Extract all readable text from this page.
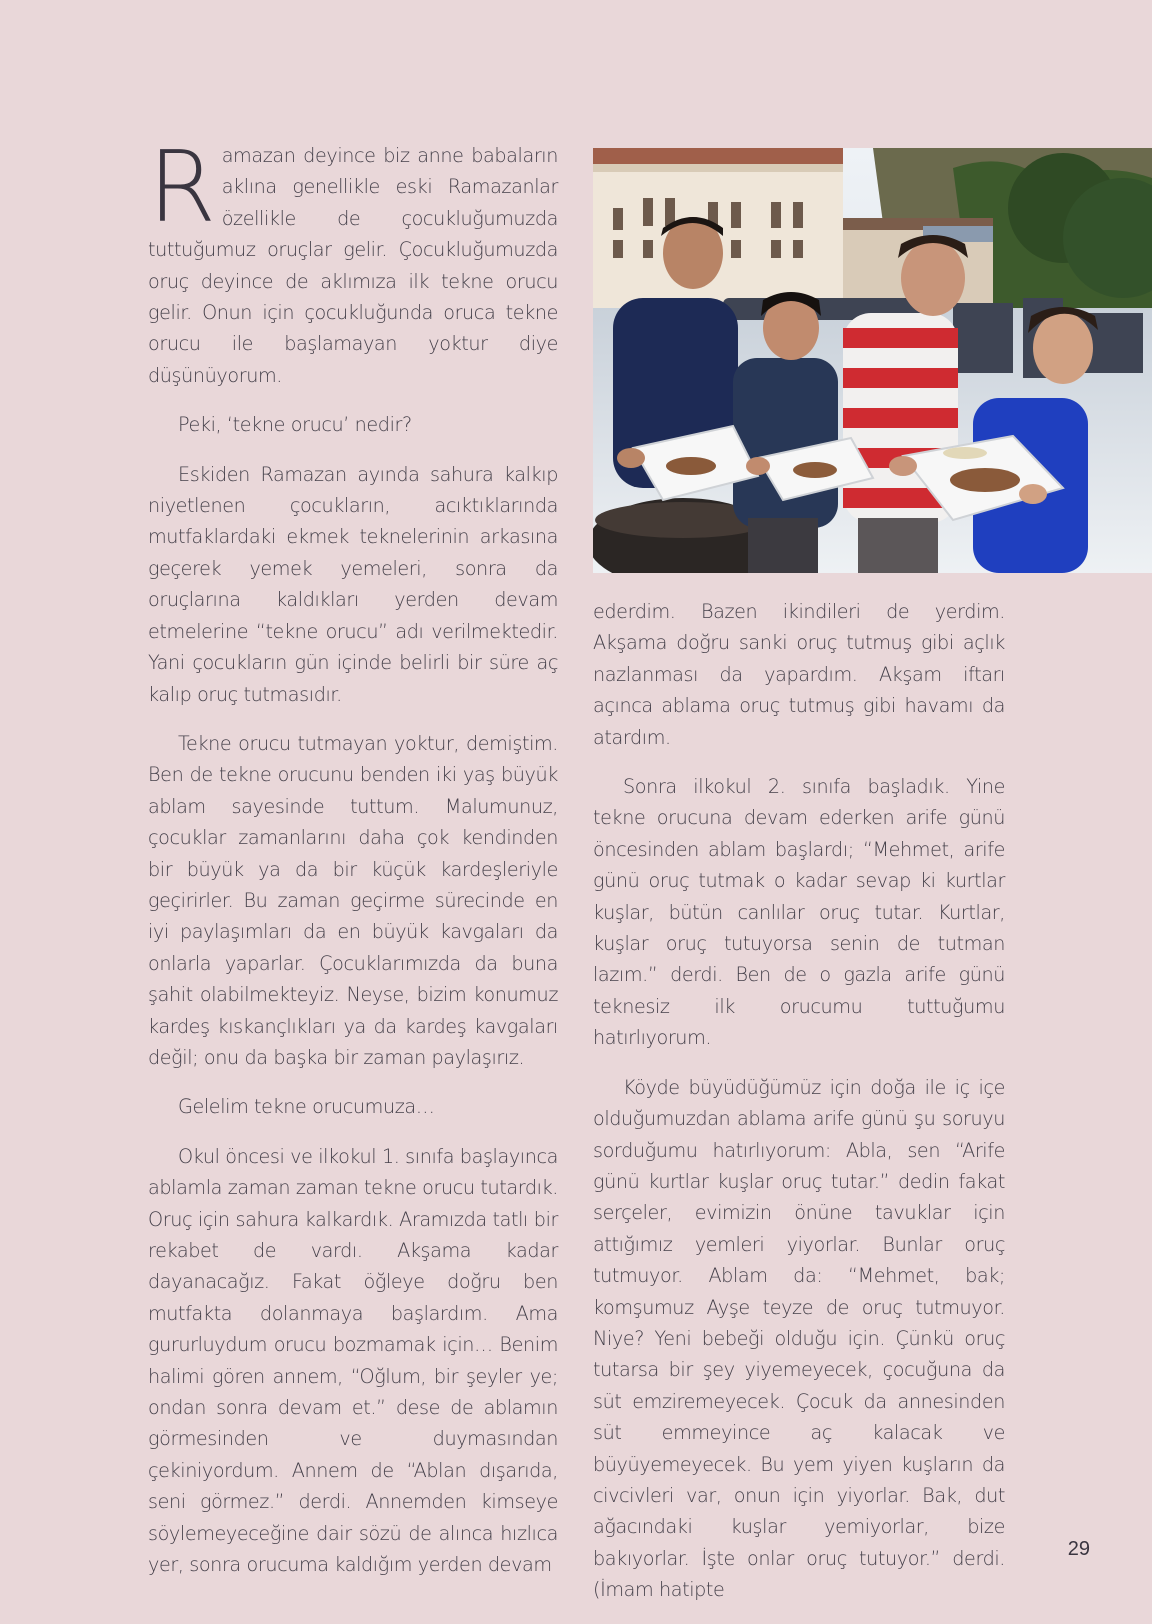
Ramazan deyince biz anne babaların aklına genellikle eski Ramazanlar özellikle de çocukluğumuzda tuttuğumuz oruçlar gelir. Çocukluğumuzda oruç deyince de aklımıza ilk tekne orucu gelir. Onun için çocukluğunda oruca tekne orucu ile başlamayan yoktur diye düşünüyorum.

Peki, ‘tekne orucu’ nedir?

Eskiden Ramazan ayında sahura kalkıp niyetlenen çocukların, acıktıklarında mutfaklardaki ekmek teknelerinin arkasına geçerek yemek yemeleri, sonra da oruçlarına kaldıkları yerden devam etmelerine “tekne orucu” adı verilmektedir. Yani çocukların gün içinde belirli bir süre aç kalıp oruç tutmasıdır.

Tekne orucu tutmayan yoktur, demiştim. Ben de tekne orucunu benden iki yaş büyük ablam sayesinde tuttum. Malumunuz, çocuklar zamanlarını daha çok kendinden bir büyük ya da bir küçük kardeşleriyle geçirirler. Bu zaman geçirme sürecinde en iyi paylaşımları da en büyük kavgaları da onlarla yaparlar. Çocuklarımızda da buna şahit olabilmekteyiz. Neyse, bizim konumuz kardeş kıskançlıkları ya da kardeş kavgaları değil; onu da başka bir zaman paylaşırız.

Gelelim tekne orucumuza…

Okul öncesi ve ilkokul 1. sınıfa başlayınca ablamla zaman zaman tekne orucu tutardık. Oruç için sahura kalkardık. Aramızda tatlı bir rekabet de vardı. Akşama kadar dayanacağız. Fakat öğleye doğru ben mutfakta dolanmaya başlardım. Ama gururluydum orucu bozmamak için… Benim halimi gören annem, “Oğlum, bir şeyler ye; ondan sonra devam et.” dese de ablamın görmesinden ve duymasından çekiniyordum. Annem de “Ablan dışarıda, seni görmez.” derdi. Annemden kimseye söylemeyeceğine dair sözü de alınca hızlıca yer, sonra orucuma kaldığım yerden devam

ederdim. Bazen ikindileri de yerdim. Akşama doğru sanki oruç tutmuş gibi açlık nazlanması da yapardım. Akşam iftarı açınca ablama oruç tutmuş gibi havamı da atardım.

Sonra ilkokul 2. sınıfa başladık. Yine tekne orucuna devam ederken arife günü öncesinden ablam başlardı; “Mehmet, arife günü oruç tutmak o kadar sevap ki kurtlar kuşlar, bütün canlılar oruç tutar. Kurtlar, kuşlar oruç tutuyorsa senin de tutman lazım.” derdi. Ben de o gazla arife günü teknesiz ilk orucumu tuttuğumu hatırlıyorum.

Köyde büyüdüğümüz için doğa ile iç içe olduğumuzdan ablama arife günü şu soruyu sorduğumu hatırlıyorum: Abla, sen “Arife günü kurtlar kuşlar oruç tutar.” dedin fakat serçeler, evimizin önüne tavuklar için attığımız yemleri yiyorlar. Bunlar oruç tutmuyor. Ablam da: “Mehmet, bak; komşumuz Ayşe teyze de oruç tutmuyor. Niye? Yeni bebeği olduğu için. Çünkü oruç tutarsa bir şey yiyemeyecek, çocuğuna da süt emziremeyecek. Çocuk da annesinden süt emmeyince aç kalacak ve büyüyemeyecek. Bu yem yiyen kuşların da civcivleri var, onun için yiyorlar. Bak, dut ağacındaki kuşlar yemiyorlar, bize bakıyorlar. İşte onlar oruç tutuyor.” derdi. (İmam hatipte

29
